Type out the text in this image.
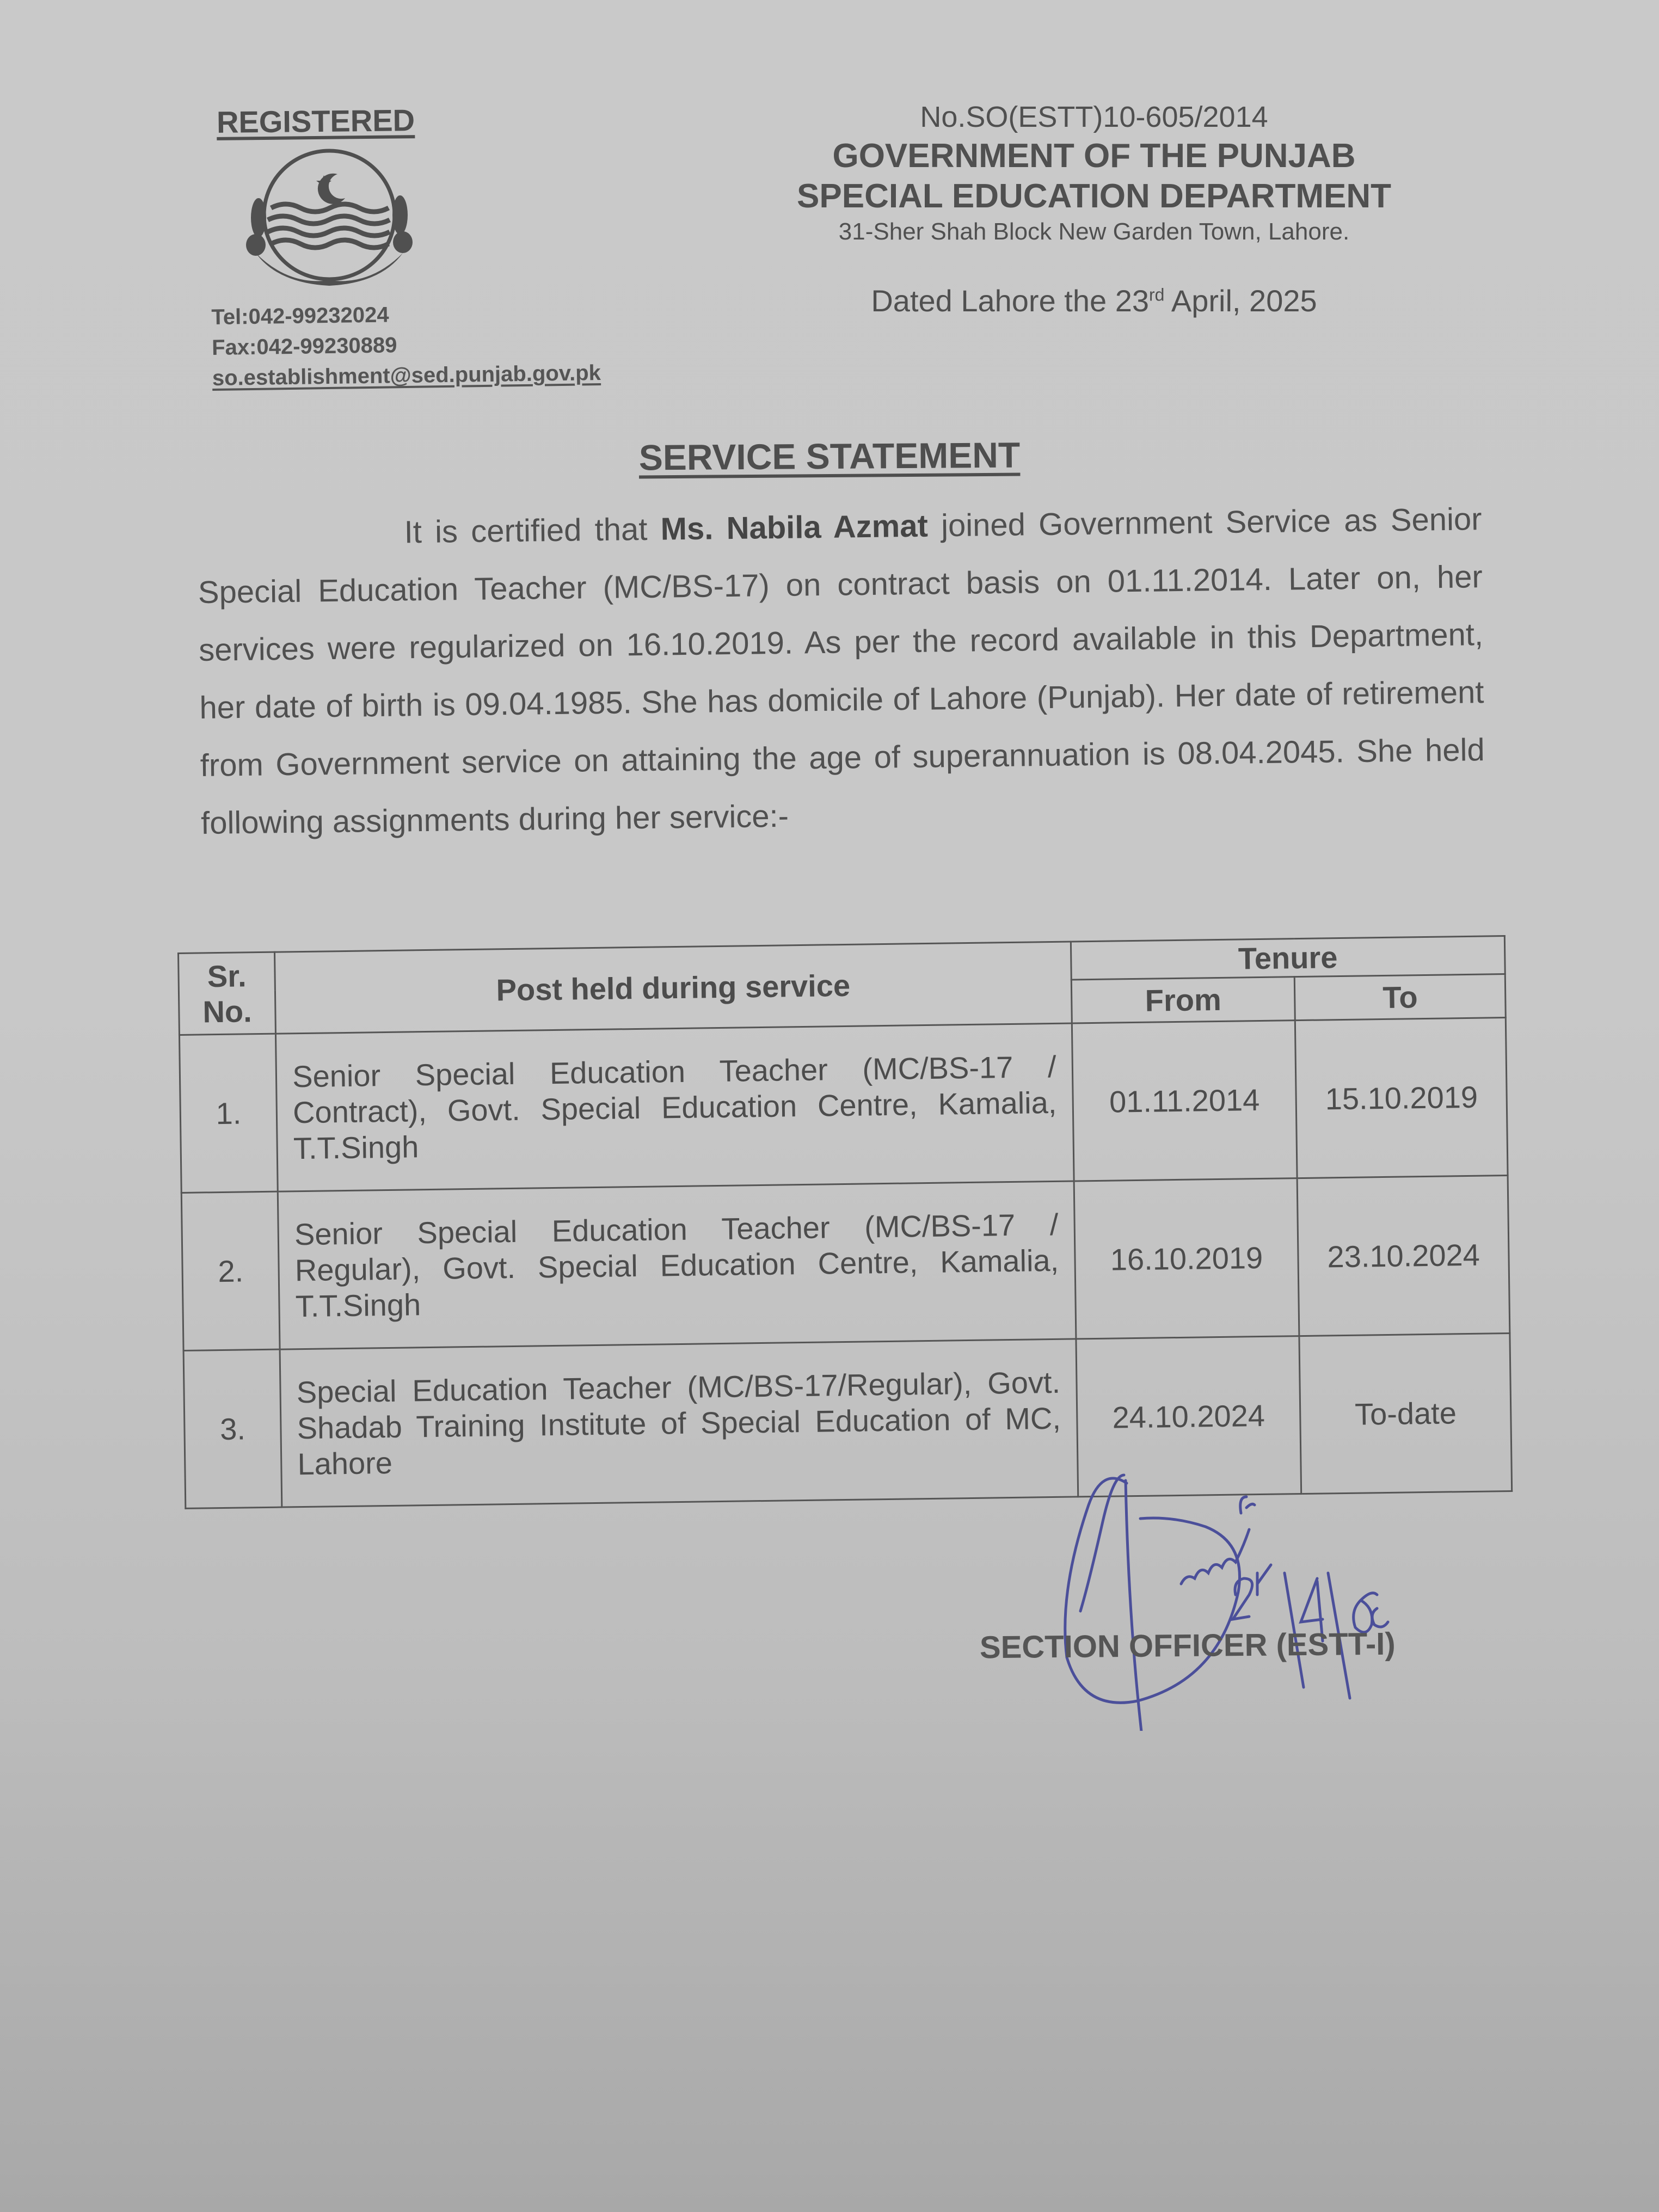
REGISTERED
Tel:042-99232024
Fax:042-99230889
so.establishment@sed.punjab.gov.pk
No.SO(ESTT)10-605/2014
GOVERNMENT OF THE PUNJAB
SPECIAL EDUCATION DEPARTMENT
31-Sher Shah Block New Garden Town, Lahore.
Dated Lahore the 23rd April, 2025
SERVICE STATEMENT
It is certified that Ms. Nabila Azmat joined Government Service as Senior Special Education Teacher (MC/BS-17) on contract basis on 01.11.2014. Later on, her services were regularized on 16.10.2019. As per the record available in this Department, her date of birth is 09.04.1985. She has domicile of Lahore (Punjab). Her date of retirement from Government service on attaining the age of superannuation is 08.04.2045. She held following assignments during her service:-
Sr. No.	Post held during service	Tenure	
		From	To
1.	Senior Special Education Teacher (MC/BS-17 / Contract), Govt. Special Education Centre, Kamalia, T.T.Singh	01.11.2014	15.10.2019
2.	Senior Special Education Teacher (MC/BS-17 / Regular), Govt. Special Education Centre, Kamalia, T.T.Singh	16.10.2019	23.10.2024
3.	Special Education Teacher (MC/BS-17/Regular), Govt. Shadab Training Institute of Special Education of MC, Lahore	24.10.2024	To-date
SECTION OFFICER (ESTT-I)
